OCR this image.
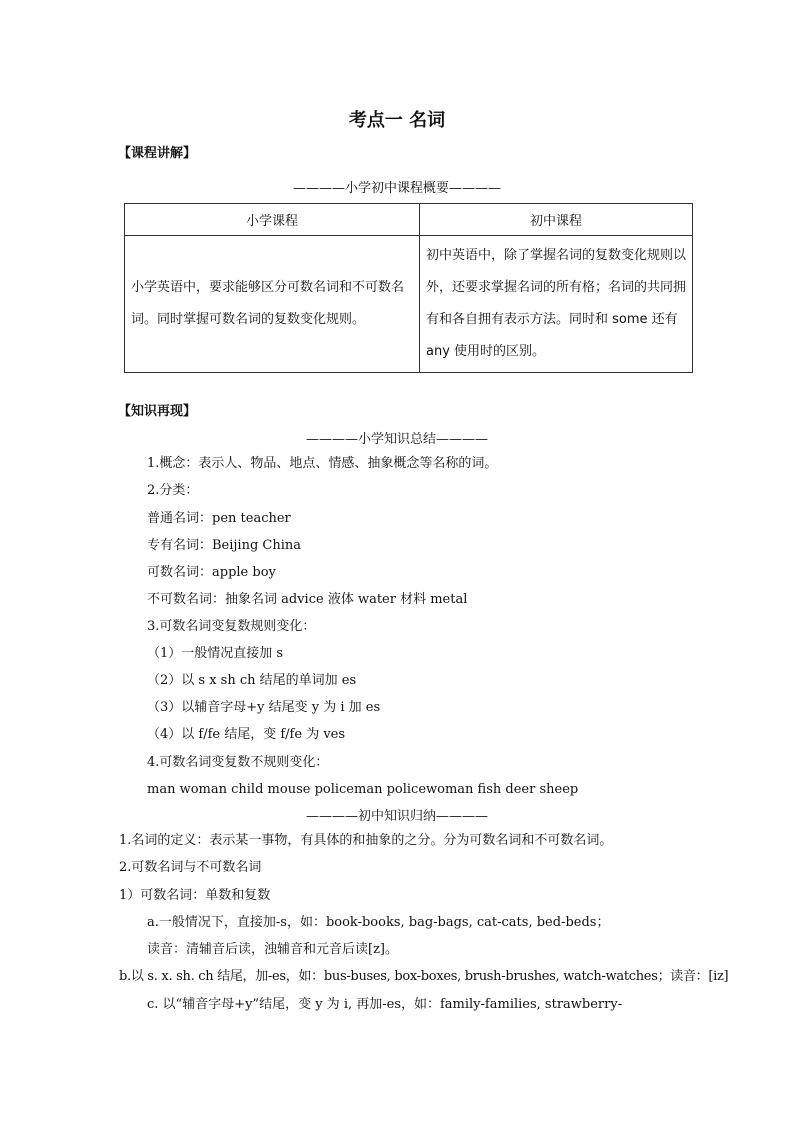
考点一 名词
【课程讲解】
————小学初中课程概要————
小学课程	初中课程
小学英语中，要求能够区分可数名词和不可数名词。同时掌握可数名词的复数变化规则。	初中英语中，除了掌握名词的复数变化规则以外，还要求掌握名词的所有格；名词的共同拥有和各自拥有表示方法。同时和 some 还有 any 使用时的区别。
【知识再现】
————小学知识总结————
1.概念：表示人、物品、地点、情感、抽象概念等名称的词。
2.分类：
普通名词：pen teacher
专有名词：Beijing China
可数名词：apple boy
不可数名词：抽象名词 advice 液体 water 材料 metal
3.可数名词变复数规则变化：
（1）一般情况直接加 s
（2）以 s x sh ch 结尾的单词加 es
（3）以辅音字母+y 结尾变 y 为 i 加 es
（4）以 f/fe 结尾，变 f/fe 为 ves
4.可数名词变复数不规则变化：
man woman child mouse policeman policewoman fish deer sheep
————初中知识归纳————
1.名词的定义：表示某一事物，有具体的和抽象的之分。分为可数名词和不可数名词。
2.可数名词与不可数名词
1）可数名词：单数和复数
a.一般情况下，直接加-s，如：book-books, bag-bags, cat-cats, bed-beds；
读音：清辅音后读，浊辅音和元音后读[z]。
b.以 s. x. sh. ch 结尾，加-es，如：bus-buses, box-boxes, brush-brushes, watch-watches；读音：[iz]
c. 以“辅音字母+y”结尾，变 y 为 i, 再加-es，如：family-families, strawberry-
